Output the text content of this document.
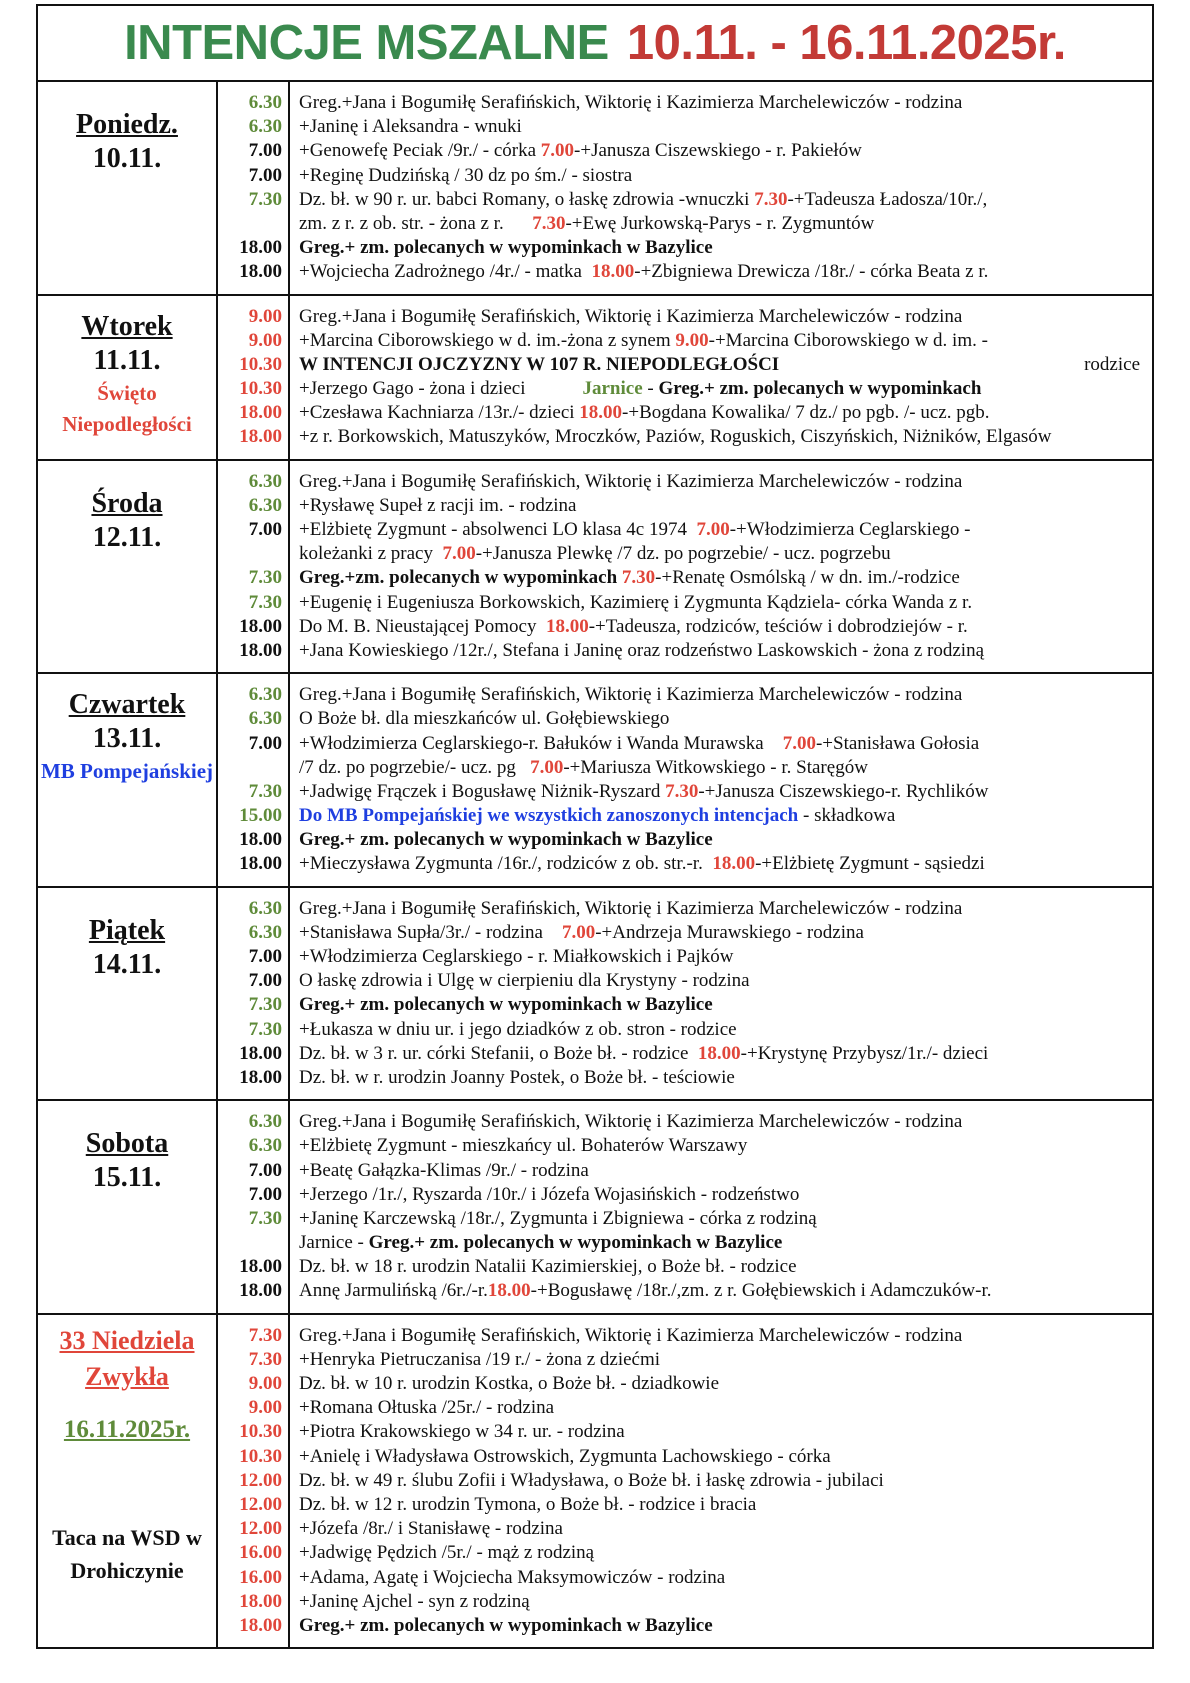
INTENCJE MSZALNE 10.11. - 16.11.2025r.
Poniedz.
10.11.
6.30
6.30
7.00
7.00
7.30
18.00
18.00
Greg.+Jana i Bogumiłę Serafińskich, Wiktorię i Kazimierza Marchelewiczów - rodzina
+Janinę i Aleksandra - wnuki
+Genowefę Peciak /9r./ - córka 7.00-+Janusza Ciszewskiego - r. Pakiełów
+Reginę Dudzińską / 30 dz po śm./ - siostra
Dz. bł. w 90 r. ur. babci Romany, o łaskę zdrowia -wnuczki 7.30-+Tadeusza Ładosza/10r./,
zm. z r. z ob. str. - żona z r.      7.30-+Ewę Jurkowską-Parys - r. Zygmuntów
Greg.+ zm. polecanych w wypominkach w Bazylice
+Wojciecha Zadrożnego /4r./ - matka  18.00-+Zbigniewa Drewicza /18r./ - córka Beata z r.
Wtorek
11.11.
Święto Niepodległości
9.00
9.00
10.30
10.30
18.00
18.00
Greg.+Jana i Bogumiłę Serafińskich, Wiktorię i Kazimierza Marchelewiczów - rodzina
+Marcina Ciborowskiego w d. im.-żona z synem 9.00-+Marcina Ciborowskiego w d. im. -
W INTENCJI OJCZYZNY W 107 R. NIEPODLEGŁOŚCI	rodzice
+Jerzego Gago - żona i dzieci	Jarnice - Greg.+ zm. polecanych w wypominkach
+Czesława Kachniarza /13r./- dzieci 18.00-+Bogdana Kowalika/ 7 dz./ po pgb. /- ucz. pgb.
+z r. Borkowskich, Matuszyków, Mroczków, Paziów, Roguskich, Ciszyńskich, Niżników, Elgasów
Środa
12.11.
6.30
6.30
7.00
7.30
7.30
18.00
18.00
Greg.+Jana i Bogumiłę Serafińskich, Wiktorię i Kazimierza Marchelewiczów - rodzina
+Rysławę Supeł z racji im. - rodzina
+Elżbietę Zygmunt - absolwenci LO klasa 4c 1974  7.00-+Włodzimierza Ceglarskiego -
koleżanki z pracy  7.00-+Janusza Plewkę /7 dz. po pogrzebie/ - ucz. pogrzebu
Greg.+zm. polecanych w wypominkach 7.30-+Renatę Osmólską / w dn. im./-rodzice
+Eugenię i Eugeniusza Borkowskich, Kazimierę i Zygmunta Kądziela- córka Wanda z r.
Do M. B. Nieustającej Pomocy  18.00-+Tadeusza, rodziców, teściów i dobrodziejów - r.
+Jana Kowieskiego /12r./, Stefana i Janinę oraz rodzeństwo Laskowskich - żona z rodziną
Czwartek
13.11.
MB Pompejańskiej
6.30
6.30
7.00
7.30
15.00
18.00
18.00
Greg.+Jana i Bogumiłę Serafińskich, Wiktorię i Kazimierza Marchelewiczów - rodzina
O Boże bł. dla mieszkańców ul. Gołębiewskiego
+Włodzimierza Ceglarskiego-r. Bałuków i Wanda Murawska    7.00-+Stanisława Gołosia
/7 dz. po pogrzebie/- ucz. pg   7.00-+Mariusza Witkowskiego - r. Staręgów
+Jadwigę Frączek i Bogusławę Niżnik-Ryszard 7.30-+Janusza Ciszewskiego-r. Rychlików
Do MB Pompejańskiej we wszystkich zanoszonych intencjach - składkowa
Greg.+ zm. polecanych w wypominkach w Bazylice
+Mieczysława Zygmunta /16r./, rodziców z ob. str.-r.  18.00-+Elżbietę Zygmunt - sąsiedzi
Piątek
14.11.
6.30
6.30
7.00
7.00
7.30
7.30
18.00
18.00
Greg.+Jana i Bogumiłę Serafińskich, Wiktorię i Kazimierza Marchelewiczów - rodzina
+Stanisława Supła/3r./ - rodzina    7.00-+Andrzeja Murawskiego - rodzina
+Włodzimierza Ceglarskiego - r. Miałkowskich i Pajków
O łaskę zdrowia i Ulgę w cierpieniu dla Krystyny - rodzina
Greg.+ zm. polecanych w wypominkach w Bazylice
+Łukasza w dniu ur. i jego dziadków z ob. stron - rodzice
Dz. bł. w 3 r. ur. córki Stefanii, o Boże bł. - rodzice  18.00-+Krystynę Przybysz/1r./- dzieci
Dz. bł. w r. urodzin Joanny Postek, o Boże bł. - teściowie
Sobota
15.11.
6.30
6.30
7.00
7.00
7.30
18.00
18.00
Greg.+Jana i Bogumiłę Serafińskich, Wiktorię i Kazimierza Marchelewiczów - rodzina
+Elżbietę Zygmunt - mieszkańcy ul. Bohaterów Warszawy
+Beatę Gałązka-Klimas /9r./ - rodzina
+Jerzego /1r./, Ryszarda /10r./ i Józefa Wojasińskich - rodzeństwo
+Janinę Karczewską /18r./, Zygmunta i Zbigniewa - córka z rodziną
Jarnice - Greg.+ zm. polecanych w wypominkach w Bazylice
Dz. bł. w 18 r. urodzin Natalii Kazimierskiej, o Boże bł. - rodzice
Annę Jarmulińską /6r./-r.18.00-+Bogusławę /18r./,zm. z r. Gołębiewskich i Adamczuków-r.
33 Niedziela Zwykła
16.11.2025r.
Taca na WSD w Drohiczynie
7.30
7.30
9.00
9.00
10.30
10.30
12.00
12.00
12.00
16.00
16.00
18.00
18.00
Greg.+Jana i Bogumiłę Serafińskich, Wiktorię i Kazimierza Marchelewiczów - rodzina
+Henryka Pietruczanisa /19 r./ - żona z dziećmi
Dz. bł. w 10 r. urodzin Kostka, o Boże bł. - dziadkowie
+Romana Ołtuska /25r./ - rodzina
+Piotra Krakowskiego w 34 r. ur. - rodzina
+Anielę i Władysława Ostrowskich, Zygmunta Lachowskiego - córka
Dz. bł. w 49 r. ślubu Zofii i Władysława, o Boże bł. i łaskę zdrowia - jubilaci
Dz. bł. w 12 r. urodzin Tymona, o Boże bł. - rodzice i bracia
+Józefa /8r./ i Stanisławę - rodzina
+Jadwigę Pędzich /5r./ - mąż z rodziną
+Adama, Agatę i Wojciecha Maksymowiczów - rodzina
+Janinę Ajchel - syn z rodziną
Greg.+ zm. polecanych w wypominkach w Bazylice
